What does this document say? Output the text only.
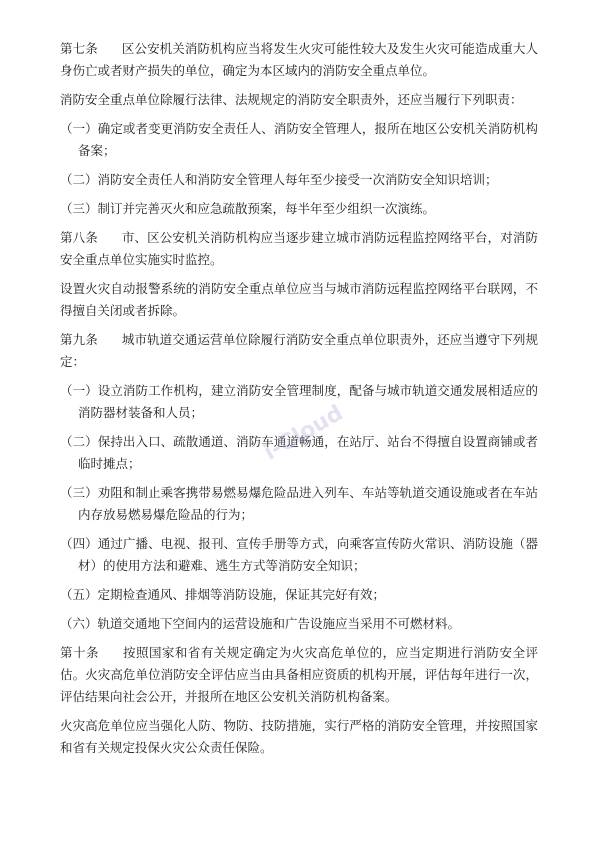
第七条 区公安机关消防机构应当将发生火灾可能性较大及发生火灾可能造成重大人身伤亡或者财产损失的单位，确定为本区域内的消防安全重点单位。

消防安全重点单位除履行法律、法规规定的消防安全职责外，还应当履行下列职责：

（一）确定或者变更消防安全责任人、消防安全管理人，报所在地区公安机关消防机构备案；

（二）消防安全责任人和消防安全管理人每年至少接受一次消防安全知识培训；

（三）制订并完善灭火和应急疏散预案，每半年至少组织一次演练。

第八条 市、区公安机关消防机构应当逐步建立城市消防远程监控网络平台，对消防安全重点单位实施实时监控。

设置火灾自动报警系统的消防安全重点单位应当与城市消防远程监控网络平台联网，不得擅自关闭或者拆除。

第九条 城市轨道交通运营单位除履行消防安全重点单位职责外，还应当遵守下列规定：

（一）设立消防工作机构，建立消防安全管理制度，配备与城市轨道交通发展相适应的消防器材装备和人员；

（二）保持出入口、疏散通道、消防车通道畅通，在站厅、站台不得擅自设置商铺或者临时摊点；

（三）劝阻和制止乘客携带易燃易爆危险品进入列车、车站等轨道交通设施或者在车站内存放易燃易爆危险品的行为；

（四）通过广播、电视、报刊、宣传手册等方式，向乘客宣传防火常识、消防设施（器材）的使用方法和避难、逃生方式等消防安全知识；

（五）定期检查通风、排烟等消防设施，保证其完好有效；

（六）轨道交通地下空间内的运营设施和广告设施应当采用不可燃材料。

第十条 按照国家和省有关规定确定为火灾高危单位的，应当定期进行消防安全评估。火灾高危单位消防安全评估应当由具备相应资质的机构开展，评估每年进行一次，评估结果向社会公开，并报所在地区公安机关消防机构备案。

火灾高危单位应当强化人防、物防、技防措施，实行严格的消防安全管理，并按照国家和省有关规定投保火灾公众责任保险。

i-Cloud
